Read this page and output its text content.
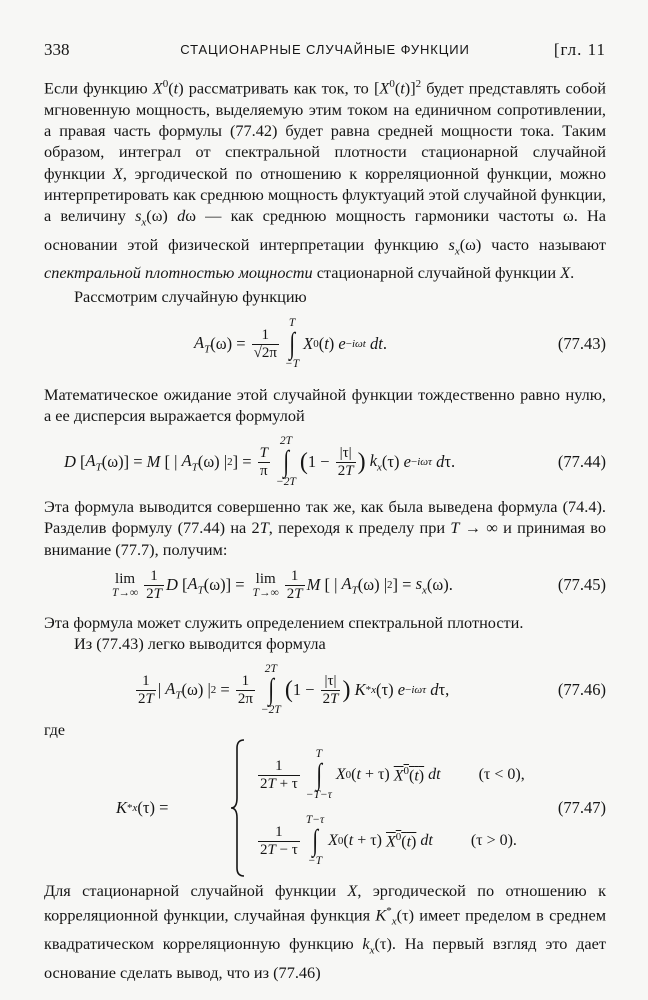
338	СТАЦИОНАРНЫЕ СЛУЧАЙНЫЕ ФУНКЦИИ	[гл. 11

Если функцию $X^0(t)$ рассматривать как ток, то $[X^0(t)]^2$ будет представлять собой мгновенную мощность, выделяемую этим током на единичном сопротивлении, а правая часть формулы (77.42) будет равна средней мощности тока. Таким образом, интеграл от спектральной плотности стационарной случайной функции X, эргодической по отношению к корреляционной функции, можно интерпретировать как среднюю мощность флуктуаций этой случайной функции, а величину $s_x(\omega)$ dω — как среднюю мощность гармоники частоты ω. На основании этой физической интерпретации функцию $s_x(\omega)$ часто называют спектральной плотностью мощности стационарной случайной функции X.

Рассмотрим случайную функцию

$A_T$ $(\omega) = \frac{1}{√2\pi}$
T
∫
−T
X 0 ( t ) e −iωt
dt .	(77.43)

Математическое ожидание этой случайной функции тождественно равно нулю, а ее дисперсия выражается формулой

D [ $A_T$ (ω)] = M [ | $A_T$ (ω) | 2 ] = $\frac{T}{\pi}$
2T
∫
−2T
( $1 - \frac{|\tau|}{2T}$ )
$k_x$ (τ) e −iωτ
d τ.	(77.44)

Эта формула выводится совершенно так же, как была выведена формула (74.4). Разделив формулу (77.44) на 2T, переходя к пределу при T → ∞ и принимая во внимание (77.7), получим:

lim
$T\to\infty \frac{1}{2T}$ D [ $A_T$ (ω)] = lim
$T\to\infty \frac{1}{2T}$ M [ | $A_T$ (ω) | 2 ] = $s_x$ (ω).	(77.45)

Эта формула может служить определением спектральной плотности.

Из (77.43) легко выводится формула

$\frac{1}{2T}$ | $A_T$ (ω) | $2 = \frac{1}{2\pi}$
2T
∫
−2T
( $1 - \frac{|\tau|}{2T}$ )
K * x (τ) e −iωτ
d τ,	(77.46)
где
K * x (τ) =
$\frac{1}{2T + \tau}$
T
∫
−T−τ
X 0 ( t + τ) $X^0(t)$
dt (τ < 0),
$\frac{1}{2T - \tau}$
T−τ
∫
−T
X 0 ( t + τ) $X^0(t)$
dt (τ > 0).
(77.47)

Для стационарной случайной функции X, эргодической по отношению к корреляционной функции, случайная функция $K^*_x(\tau)$ имеет пределом в среднем квадратическом корреляционную функцию $k_x(\tau)$. На первый взгляд это дает основание сделать вывод, что из (77.46)
